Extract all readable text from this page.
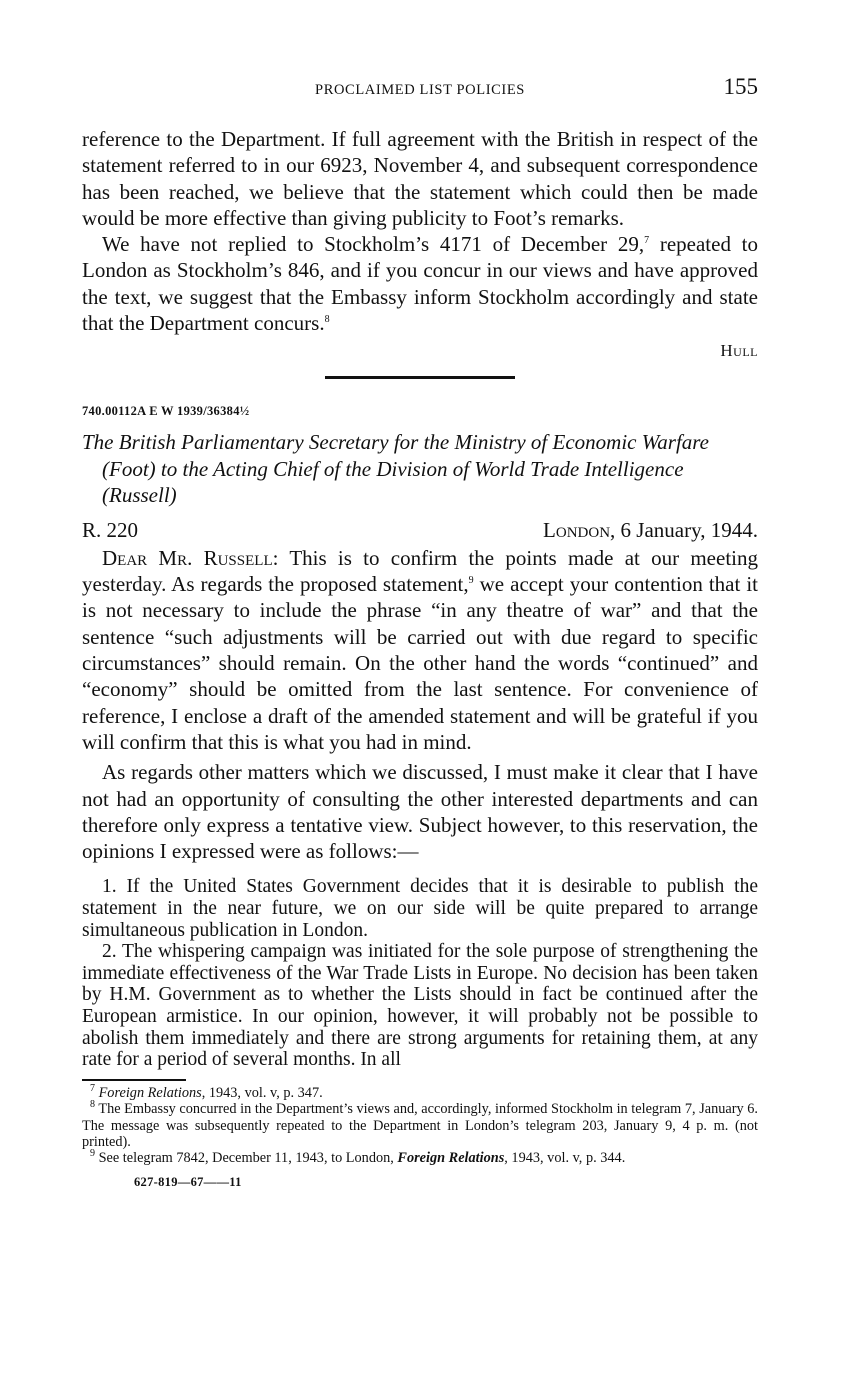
PROCLAIMED LIST POLICIES	155

reference to the Department. If full agreement with the British in respect of the statement referred to in our 6923, November 4, and subsequent correspondence has been reached, we believe that the statement which could then be made would be more effective than giving publicity to Foot’s remarks.

We have not replied to Stockholm’s 4171 of December 29,$^7$ repeated to London as Stockholm’s 846, and if you concur in our views and have approved the text, we suggest that the Embassy inform Stockholm accordingly and state that the Department concurs.$^8$

Hull
740.00112A E W 1939/36384½
The British Parliamentary Secretary for the Ministry of Economic Warfare (Foot) to the Acting Chief of the Division of World Trade Intelligence (Russell)
R. 220	London, 6 January, 1944.

Dear Mr. Russell: This is to confirm the points made at our meeting yesterday. As regards the proposed statement,$^9$ we accept your contention that it is not necessary to include the phrase “in any theatre of war” and that the sentence “such adjustments will be carried out with due regard to specific circumstances” should remain. On the other hand the words “continued” and “economy” should be omitted from the last sentence. For convenience of reference, I enclose a draft of the amended statement and will be grateful if you will confirm that this is what you had in mind.

As regards other matters which we discussed, I must make it clear that I have not had an opportunity of consulting the other interested departments and can therefore only express a tentative view. Subject however, to this reservation, the opinions I expressed were as follows:—

1. If the United States Government decides that it is desirable to publish the statement in the near future, we on our side will be quite prepared to arrange simultaneous publication in London.

2. The whispering campaign was initiated for the sole purpose of strengthening the immediate effectiveness of the War Trade Lists in Europe. No decision has been taken by H.M. Government as to whether the Lists should in fact be continued after the European armistice. In our opinion, however, it will probably not be possible to abolish them immediately and there are strong arguments for retaining them, at any rate for a period of several months. In all

$^7$ Foreign Relations, 1943, vol. v, p. 347.

$^8$ The Embassy concurred in the Department’s views and, accordingly, informed Stockholm in telegram 7, January 6. The message was subsequently repeated to the Department in London’s telegram 203, January 9, 4 p. m. (not printed).

$^9$ See telegram 7842, December 11, 1943, to London, Foreign Relations, 1943, vol. v, p. 344.

627-819—67——11
